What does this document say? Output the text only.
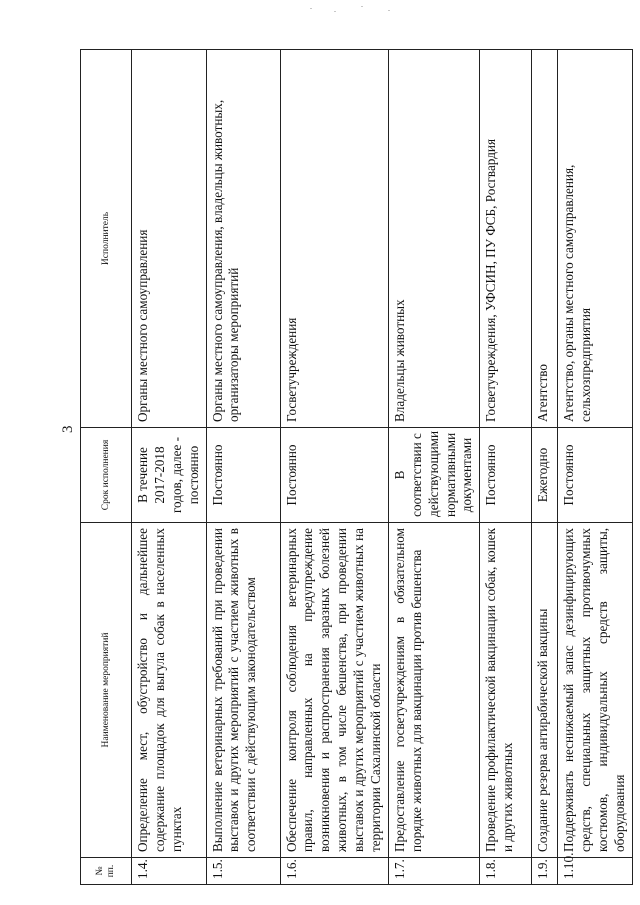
3
№ пп.	Наименование мероприятий	Срок исполнения	Исполнитель
1.4.	Определение мест, обустройство и дальнейшее содержание площадок для выгула собак в населенных пунктах	В течение 2017-2018 годов, далее - постоянно	Органы местного самоуправления
1.5.	Выполнение ветеринарных требований при проведении выставок и других мероприятий с участием животных в соответствии с действующим законодательством	Постоянно	Органы местного самоуправления, владельцы животных, организаторы мероприятий
1.6.	Обеспечение контроля соблюдения ветеринарных правил, направленных на предупреждение возникновения и распространения заразных болезней животных, в том числе бешенства, при проведении выставок и других мероприятий с участием животных на территории Сахалинской области	Постоянно	Госветучреждения
1.7.	Предоставление госветучреждениям в обязательном порядке животных для вакцинации против бешенства	В соответствии с действующими нормативными документами	Владельцы животных
1.8.	Проведение профилактической вакцинации собак, кошек и других животных	Постоянно	Госветучреждения, УФСИН, ПУ ФСБ, Росгвардия
1.9.	Создание резерва антирабической вакцины	Ежегодно	Агентство
1.10.	Поддерживать неснижаемый запас дезинфицирующих средств, специальных защитных противочумных костюмов, индивидуальных средств защиты, оборудования	Постоянно	Агентство, органы местного самоуправления, сельхозпредприятия
